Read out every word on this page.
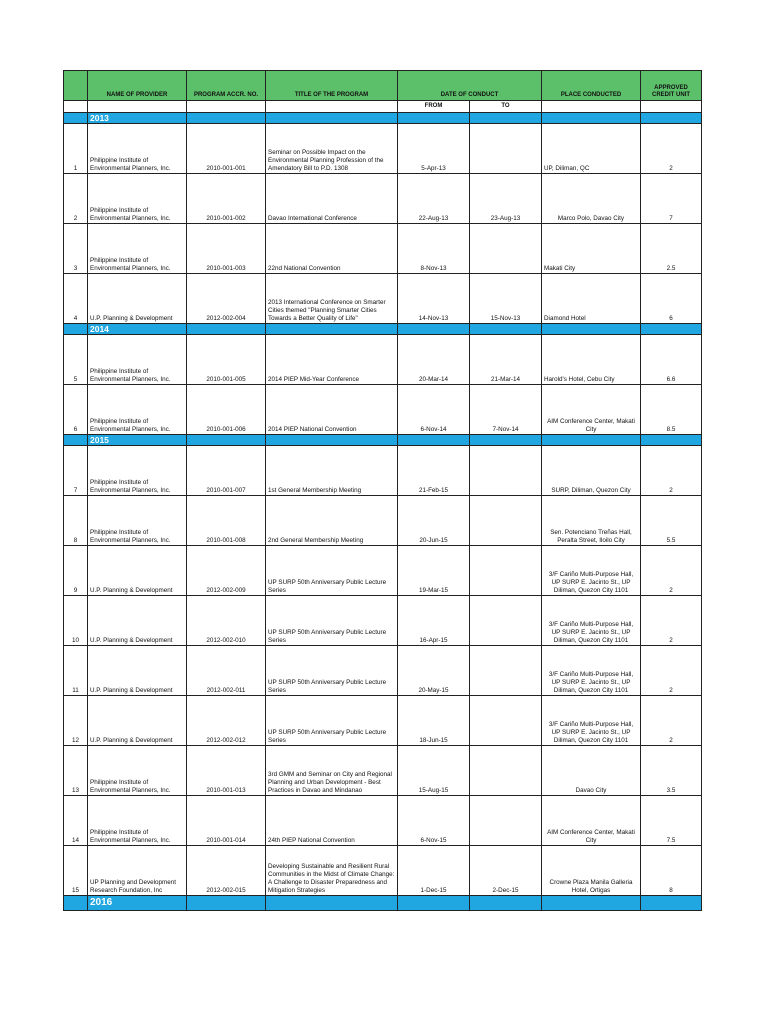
	NAME OF PROVIDER	PROGRAM ACCR. NO.	TITLE OF THE PROGRAM	DATE OF CONDUCT		PLACE CONDUCTED	APPROVED CREDIT UNIT
				FROM	TO		
	2013						
1	Philippine Institute of Environmental Planners, Inc.	2010-001-001	Seminar on Possible Impact on the Environmental Planning Profession of the Amendatory Bill to P.D. 1308	5-Apr-13		UP, Diliman, QC	2
2	Philippine Institute of Environmental Planners, Inc.	2010-001-002	Davao International Conference	22-Aug-13	23-Aug-13	Marco Polo, Davao City	7
3	Philippine Institute of Environmental Planners, Inc.	2010-001-003	22nd National Convention	8-Nov-13		Makati City	2.5
4	U.P. Planning & Development	2012-002-004	2013 International Conference on Smarter Cities themed "Planning Smarter Cities Towards a Better Quality of Life"	14-Nov-13	15-Nov-13	Diamond Hotel	6
	2014						
5	Philippine Institute of Environmental Planners, Inc.	2010-001-005	2014 PIEP Mid-Year Conference	20-Mar-14	21-Mar-14	Harold's Hotel, Cebu City	6.6
6	Philippine Institute of Environmental Planners, Inc.	2010-001-006	2014 PIEP National Convention	6-Nov-14	7-Nov-14	AIM Conference Center, Makati City	8.5
	2015						
7	Philippine Institute of Environmental Planners, Inc.	2010-001-007	1st General Membership Meeting	21-Feb-15		SURP, Diliman, Quezon City	2
8	Philippine Institute of Environmental Planners, Inc.	2010-001-008	2nd General Membership Meeting	20-Jun-15		Sen. Potenciano Treñas Hall, Peralta Street, Iloilo City	5.5
9	U.P. Planning & Development	2012-002-009	UP SURP 50th Anniversary Public Lecture Series	19-Mar-15		3/F Cariño Multi-Purpose Hall, UP SURP E. Jacinto St., UP Diliman, Quezon City 1101	2
10	U.P. Planning & Development	2012-002-010	UP SURP 50th Anniversary Public Lecture Series	16-Apr-15		3/F Cariño Multi-Purpose Hall, UP SURP E. Jacinto St., UP Diliman, Quezon City 1101	2
11	U.P. Planning & Development	2012-002-011	UP SURP 50th Anniversary Public Lecture Series	20-May-15		3/F Cariño Multi-Purpose Hall, UP SURP E. Jacinto St., UP Diliman, Quezon City 1101	2
12	U.P. Planning & Development	2012-002-012	UP SURP 50th Anniversary Public Lecture Series	18-Jun-15		3/F Cariño Multi-Purpose Hall, UP SURP E. Jacinto St., UP Diliman, Quezon City 1101	2
13	Philippine Institute of Environmental Planners, Inc.	2010-001-013	3rd GMM and Seminar on City and Regional Planning and Urban Development - Best Practices in Davao and Mindanao	15-Aug-15		Davao City	3.5
14	Philippine Institute of Environmental Planners, Inc.	2010-001-014	24th PIEP National Convention	6-Nov-15		AIM Conference Center, Makati City	7.5
15	UP Planning and Development Research Foundation, Inc	2012-002-015	Developing Sustainable and Resilient Rural Communities in the Midst of Climate Change: A Challenge to Disaster Preparedness and Mitigation Strategies	1-Dec-15	2-Dec-15	Crowne Plaza Manila Galleria Hotel, Ortigas	8
	2016						
